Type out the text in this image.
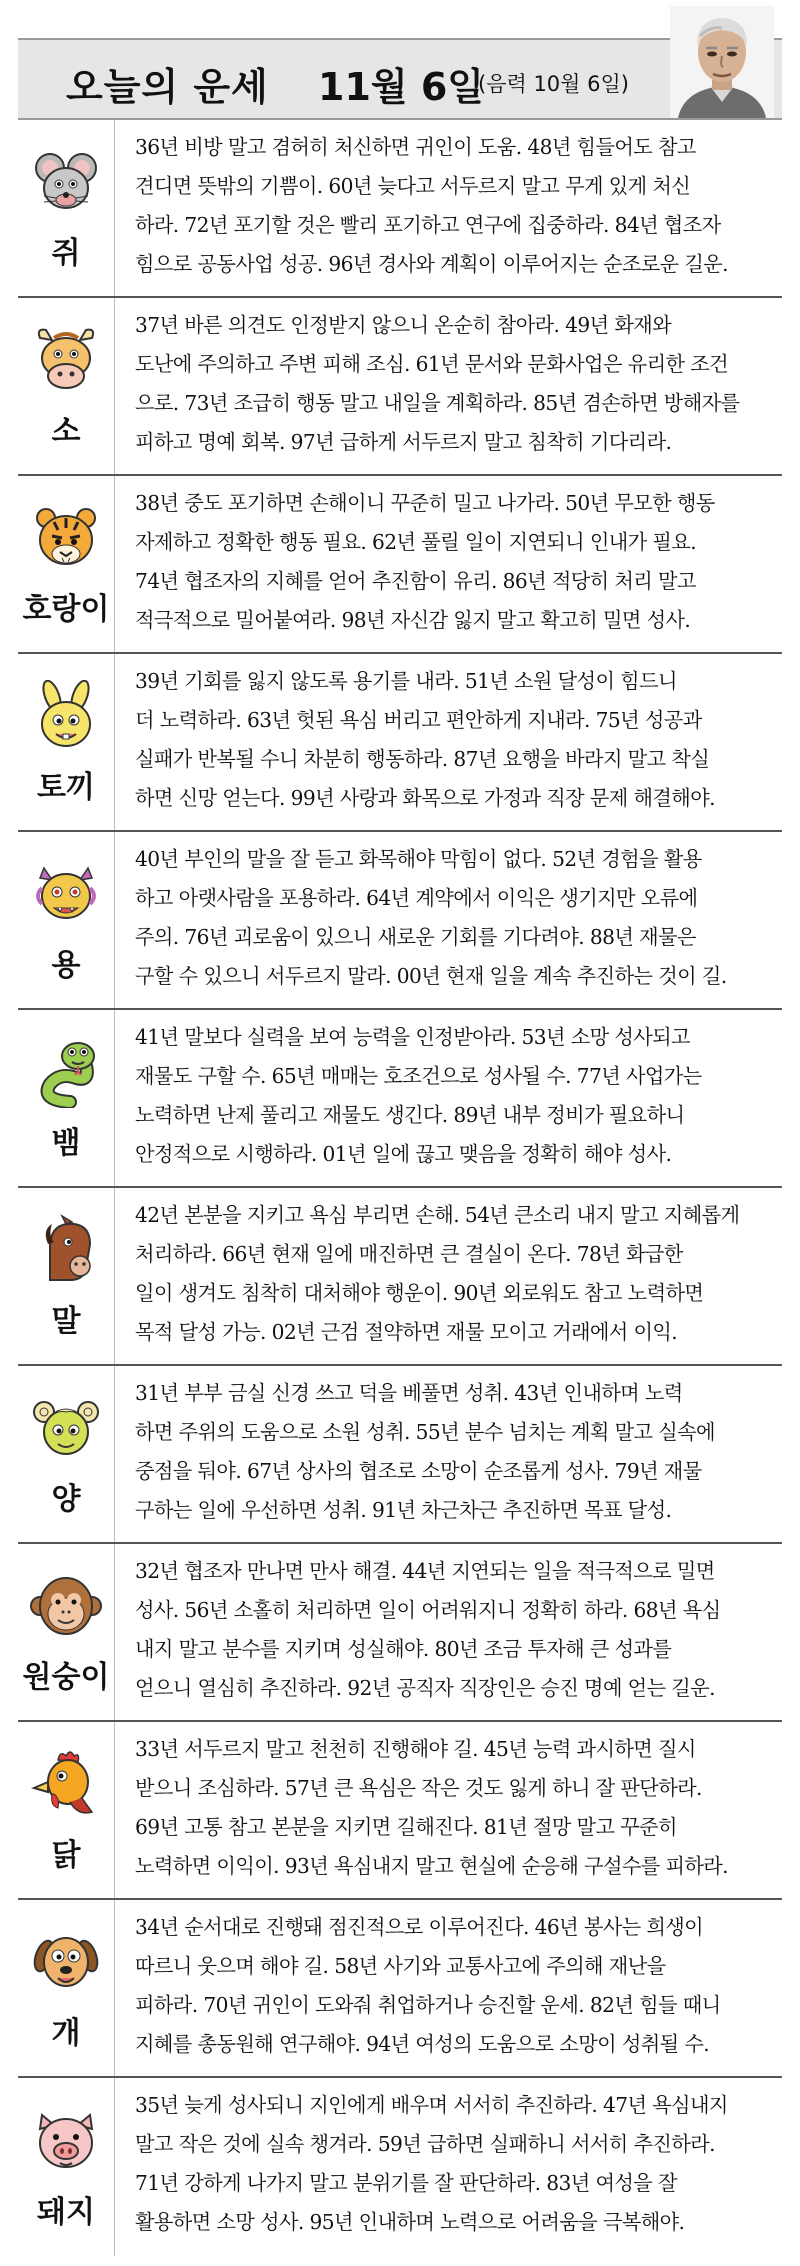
오늘의 운세 11월 6일
(음력 10월 6일)
쥐
36년 비방 말고 겸허히 처신하면 귀인이 도움. 48년 힘들어도 참고
견디면 뜻밖의 기쁨이. 60년 늦다고 서두르지 말고 무게 있게 처신
하라. 72년 포기할 것은 빨리 포기하고 연구에 집중하라. 84년 협조자
힘으로 공동사업 성공. 96년 경사와 계획이 이루어지는 순조로운 길운.
소
37년 바른 의견도 인정받지 않으니 온순히 참아라. 49년 화재와
도난에 주의하고 주변 피해 조심. 61년 문서와 문화사업은 유리한 조건
으로. 73년 조급히 행동 말고 내일을 계획하라. 85년 겸손하면 방해자를
피하고 명예 회복. 97년 급하게 서두르지 말고 침착히 기다리라.
호랑이
38년 중도 포기하면 손해이니 꾸준히 밀고 나가라. 50년 무모한 행동
자제하고 정확한 행동 필요. 62년 풀릴 일이 지연되니 인내가 필요.
74년 협조자의 지혜를 얻어 추진함이 유리. 86년 적당히 처리 말고
적극적으로 밀어붙여라. 98년 자신감 잃지 말고 확고히 밀면 성사.
토끼
39년 기회를 잃지 않도록 용기를 내라. 51년 소원 달성이 힘드니
더 노력하라. 63년 헛된 욕심 버리고 편안하게 지내라. 75년 성공과
실패가 반복될 수니 차분히 행동하라. 87년 요행을 바라지 말고 착실
하면 신망 얻는다. 99년 사랑과 화목으로 가정과 직장 문제 해결해야.
용
40년 부인의 말을 잘 듣고 화목해야 막힘이 없다. 52년 경험을 활용
하고 아랫사람을 포용하라. 64년 계약에서 이익은 생기지만 오류에
주의. 76년 괴로움이 있으니 새로운 기회를 기다려야. 88년 재물은
구할 수 있으니 서두르지 말라. 00년 현재 일을 계속 추진하는 것이 길.
뱀
41년 말보다 실력을 보여 능력을 인정받아라. 53년 소망 성사되고
재물도 구할 수. 65년 매매는 호조건으로 성사될 수. 77년 사업가는
노력하면 난제 풀리고 재물도 생긴다. 89년 내부 정비가 필요하니
안정적으로 시행하라. 01년 일에 끊고 맺음을 정확히 해야 성사.
말
42년 본분을 지키고 욕심 부리면 손해. 54년 큰소리 내지 말고 지혜롭게
처리하라. 66년 현재 일에 매진하면 큰 결실이 온다. 78년 화급한
일이 생겨도 침착히 대처해야 행운이. 90년 외로워도 참고 노력하면
목적 달성 가능. 02년 근검 절약하면 재물 모이고 거래에서 이익.
양
31년 부부 금실 신경 쓰고 덕을 베풀면 성취. 43년 인내하며 노력
하면 주위의 도움으로 소원 성취. 55년 분수 넘치는 계획 말고 실속에
중점을 둬야. 67년 상사의 협조로 소망이 순조롭게 성사. 79년 재물
구하는 일에 우선하면 성취. 91년 차근차근 추진하면 목표 달성.
원숭이
32년 협조자 만나면 만사 해결. 44년 지연되는 일을 적극적으로 밀면
성사. 56년 소홀히 처리하면 일이 어려워지니 정확히 하라. 68년 욕심
내지 말고 분수를 지키며 성실해야. 80년 조금 투자해 큰 성과를
얻으니 열심히 추진하라. 92년 공직자 직장인은 승진 명예 얻는 길운.
닭
33년 서두르지 말고 천천히 진행해야 길. 45년 능력 과시하면 질시
받으니 조심하라. 57년 큰 욕심은 작은 것도 잃게 하니 잘 판단하라.
69년 고통 참고 본분을 지키면 길해진다. 81년 절망 말고 꾸준히
노력하면 이익이. 93년 욕심내지 말고 현실에 순응해 구설수를 피하라.
개
34년 순서대로 진행돼 점진적으로 이루어진다. 46년 봉사는 희생이
따르니 웃으며 해야 길. 58년 사기와 교통사고에 주의해 재난을
피하라. 70년 귀인이 도와줘 취업하거나 승진할 운세. 82년 힘들 때니
지혜를 총동원해 연구해야. 94년 여성의 도움으로 소망이 성취될 수.
돼지
35년 늦게 성사되니 지인에게 배우며 서서히 추진하라. 47년 욕심내지
말고 작은 것에 실속 챙겨라. 59년 급하면 실패하니 서서히 추진하라.
71년 강하게 나가지 말고 분위기를 잘 판단하라. 83년 여성을 잘
활용하면 소망 성사. 95년 인내하며 노력으로 어려움을 극복해야.
